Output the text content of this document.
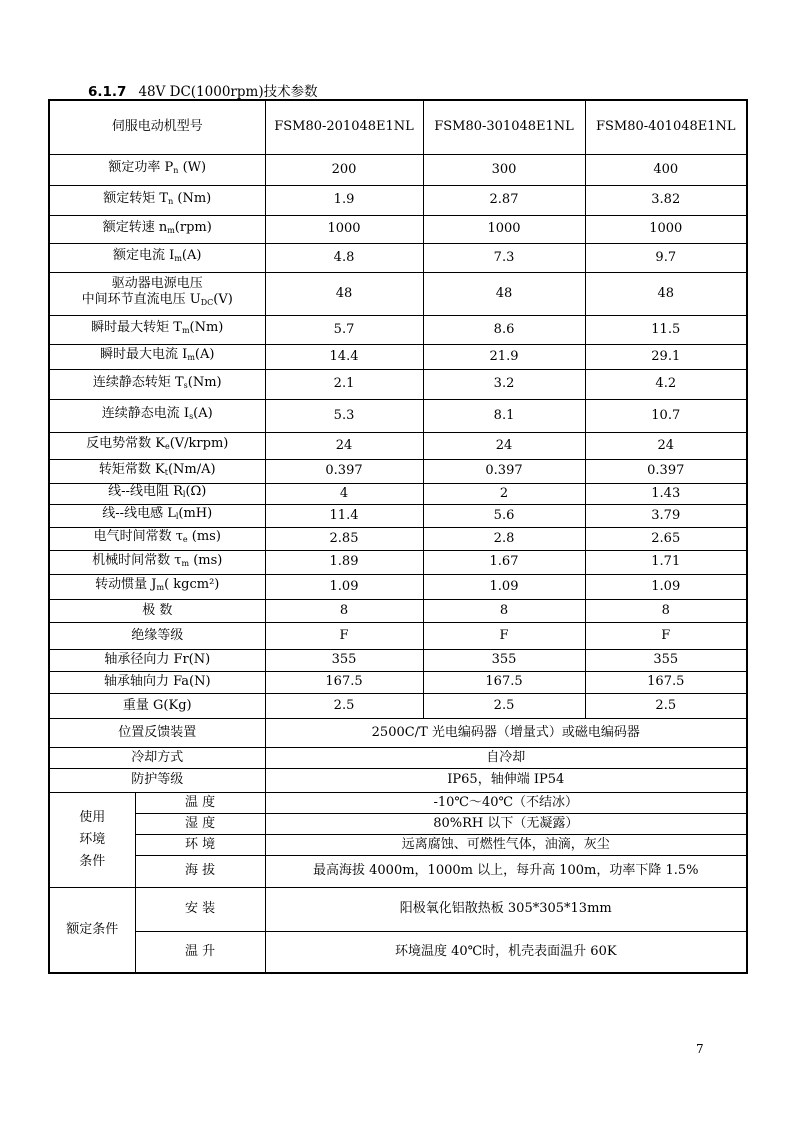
6.1.7 48V DC(1000rpm)技术参数
伺服电动机型号		FSM80-201048E1NL	FSM80-301048E1NL	FSM80-401048E1NL
额定功率 $P_n$ (W)		200	300	400
额定转矩 $T_n$ (Nm)		1.9	2.87	3.82
额定转速 $n_m(rpm)$		1000	1000	1000
额定电流 $I_m(A)$		4.8	7.3	9.7
驱动器电源电压
中间环节直流电压 $U_{DC}(V)$		48	48	48
瞬时最大转矩 $T_m(Nm)$		5.7	8.6	11.5
瞬时最大电流 $I_m(A)$		14.4	21.9	29.1
连续静态转矩 $T_s(Nm)$		2.1	3.2	4.2
连续静态电流 $I_s(A)$		5.3	8.1	10.7
反电势常数 $K_e(V/krpm)$		24	24	24
转矩常数 $K_t(Nm/A)$		0.397	0.397	0.397
线--线电阻 $R_l(\Omega)$		4	2	1.43
线--线电感 $L_l(mH)$		11.4	5.6	3.79
电气时间常数 $\tau_e$ (ms)		2.85	2.8	2.65
机械时间常数 $\tau_m$ (ms)		1.89	1.67	1.71
转动惯量 $J_m$( kgcm²)		1.09	1.09	1.09
极 数		8	8	8
绝缘等级		F	F	F
轴承径向力 Fr(N)		355	355	355
轴承轴向力 Fa(N)		167.5	167.5	167.5
重量 G(Kg)		2.5	2.5	2.5
位置反馈装置		2500C/T 光电编码器（增量式）或磁电编码器		
冷却方式		自冷却		
防护等级		IP65，轴伸端 IP54		
使用
环境
条件	温 度	-10℃～40℃（不结冰）		
	湿 度	80%RH 以下（无凝露）		
	环 境	远离腐蚀、可燃性气体，油滴，灰尘		
	海 拔	最高海拔 4000m，1000m 以上，每升高 100m，功率下降 1.5%		
额定条件	安 装	阳极氧化铝散热板 305*305*13mm		
	温 升	环境温度 40℃时，机壳表面温升 60K		
7
